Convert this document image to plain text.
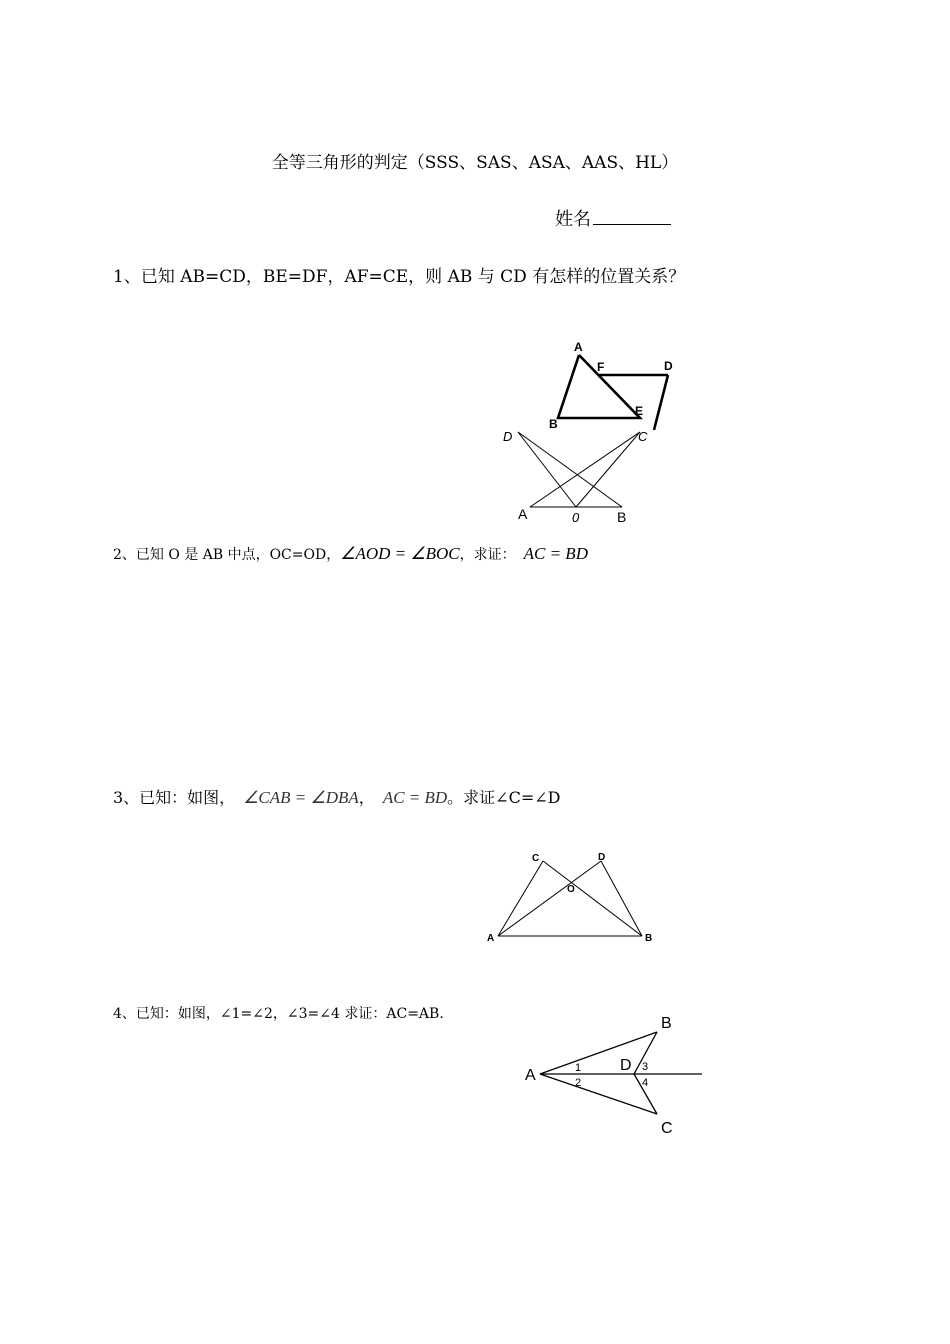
全等三角形的判定（SSS、SAS、ASA、AAS、HL）
姓名
1、已知 AB=CD，BE=DF，AF=CE，则 AB 与 CD 有怎样的位置关系？
A
F	D
B
E
D	C
A	0	B
2、已知 O 是 AB 中点，OC=OD，∠AOD = ∠BOC，求证： AC = BD
3、已知：如图， ∠CAB = ∠DBA， AC = BD。求证∠C=∠D
C	D
O
A	B
4、已知：如图，∠1=∠2，∠3=∠4 求证：AC=AB.
A
B
C
D
1
2
3
4
